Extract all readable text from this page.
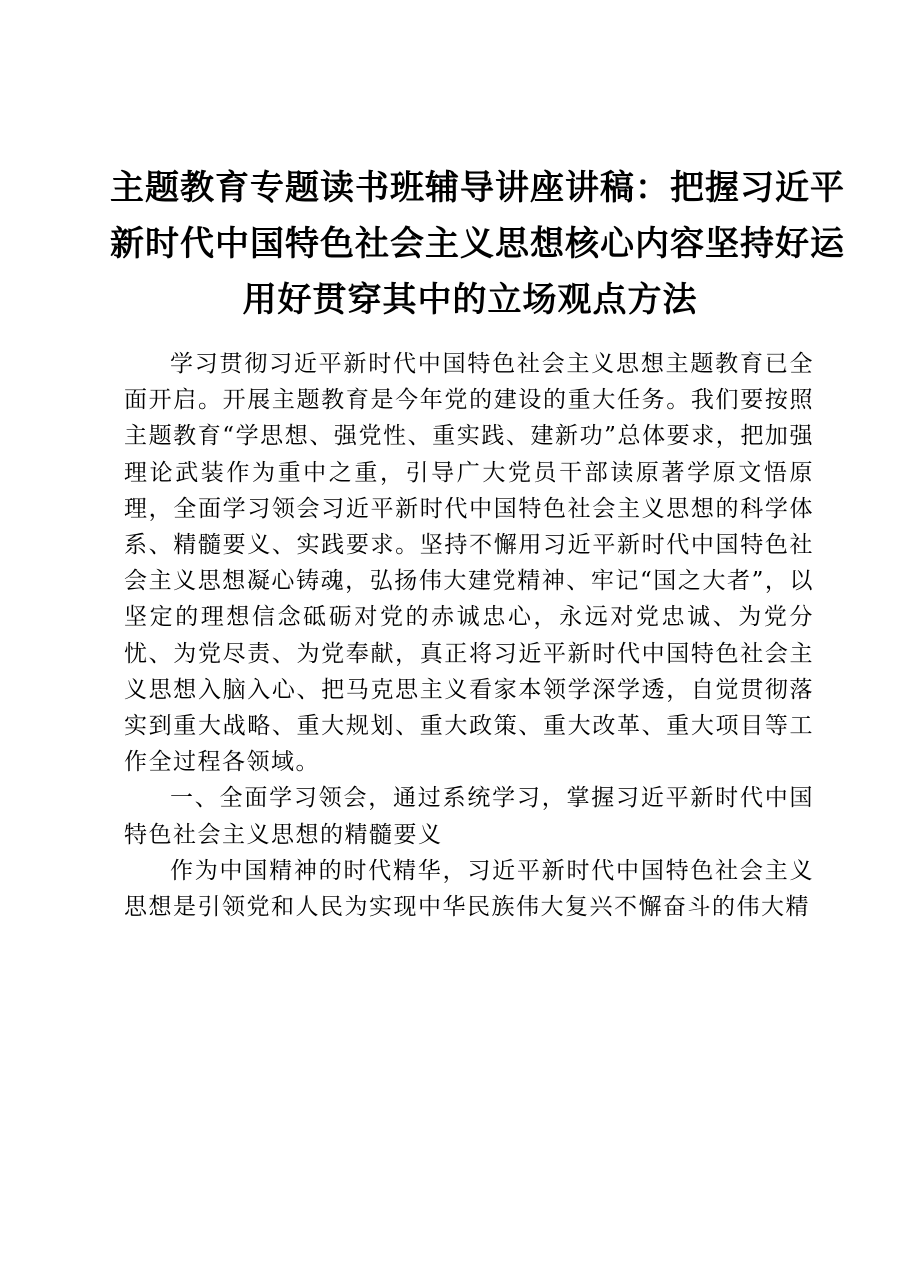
主题教育专题读书班辅导讲座讲稿：把握习近平
新时代中国特色社会主义思想核心内容坚持好运
用好贯穿其中的立场观点方法

学习贯彻习近平新时代中国特色社会主义思想主题教育已全面开启。开展主题教育是今年党的建设的重大任务。我们要按照主题教育“学思想、强党性、重实践、建新功”总体要求，把加强理论武装作为重中之重，引导广大党员干部读原著学原文悟原理，全面学习领会习近平新时代中国特色社会主义思想的科学体系、精髓要义、实践要求。坚持不懈用习近平新时代中国特色社会主义思想凝心铸魂，弘扬伟大建党精神、牢记“国之大者”，以坚定的理想信念砥砺对党的赤诚忠心，永远对党忠诚、为党分忧、为党尽责、为党奉献，真正将习近平新时代中国特色社会主义思想入脑入心、把马克思主义看家本领学深学透，自觉贯彻落实到重大战略、重大规划、重大政策、重大改革、重大项目等工作全过程各领域。

一、全面学习领会，通过系统学习，掌握习近平新时代中国特色社会主义思想的精髓要义

作为中国精神的时代精华，习近平新时代中国特色社会主义思想是引领党和人民为实现中华民族伟大复兴不懈奋斗的伟大精
